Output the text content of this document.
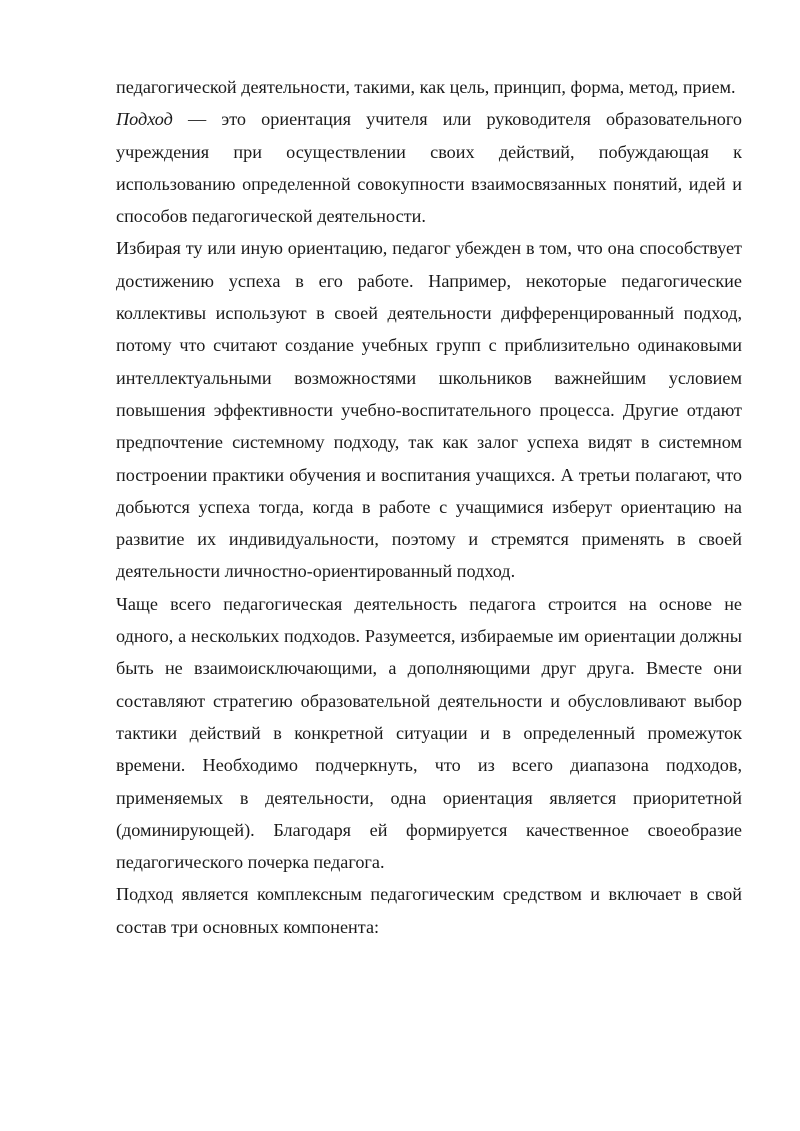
педагогической деятельности, такими, как цель, принцип, форма, метод, прием.

Подход — это ориентация учителя или руководителя образовательного учреждения при осуществлении своих действий, побуждающая к использованию определенной совокупности взаимосвязанных понятий, идей и способов педагогической деятельности.

Избирая ту или иную ориентацию, педагог убежден в том, что она способствует достижению успеха в его работе. Например, некоторые педагогические коллективы используют в своей деятельности дифференцированный подход, потому что считают создание учебных групп с приблизительно одинаковыми интеллектуальными возможностями школьников важнейшим условием повышения эффективности учебно-воспитательного процесса. Другие отдают предпочтение системному подходу, так как залог успеха видят в системном построении практики обучения и воспитания учащихся. А третьи полагают, что добьются успеха тогда, когда в работе с учащимися изберут ориентацию на развитие их индивидуальности, поэтому и стремятся применять в своей деятельности личностно-ориентированный подход.

Чаще всего педагогическая деятельность педагога строится на основе не одного, а нескольких подходов. Разумеется, избираемые им ориентации должны быть не взаимоисключающими, а дополняющими друг друга. Вместе они составляют стратегию образовательной деятельности и обусловливают выбор тактики действий в конкретной ситуации и в определенный промежуток времени. Необходимо подчеркнуть, что из всего диапазона подходов, применяемых в деятельности, одна ориентация является приоритетной (доминирующей). Благодаря ей формируется качественное своеобразие педагогического почерка педагога.

Подход является комплексным педагогическим средством и включает в свой состав три основных компонента:
